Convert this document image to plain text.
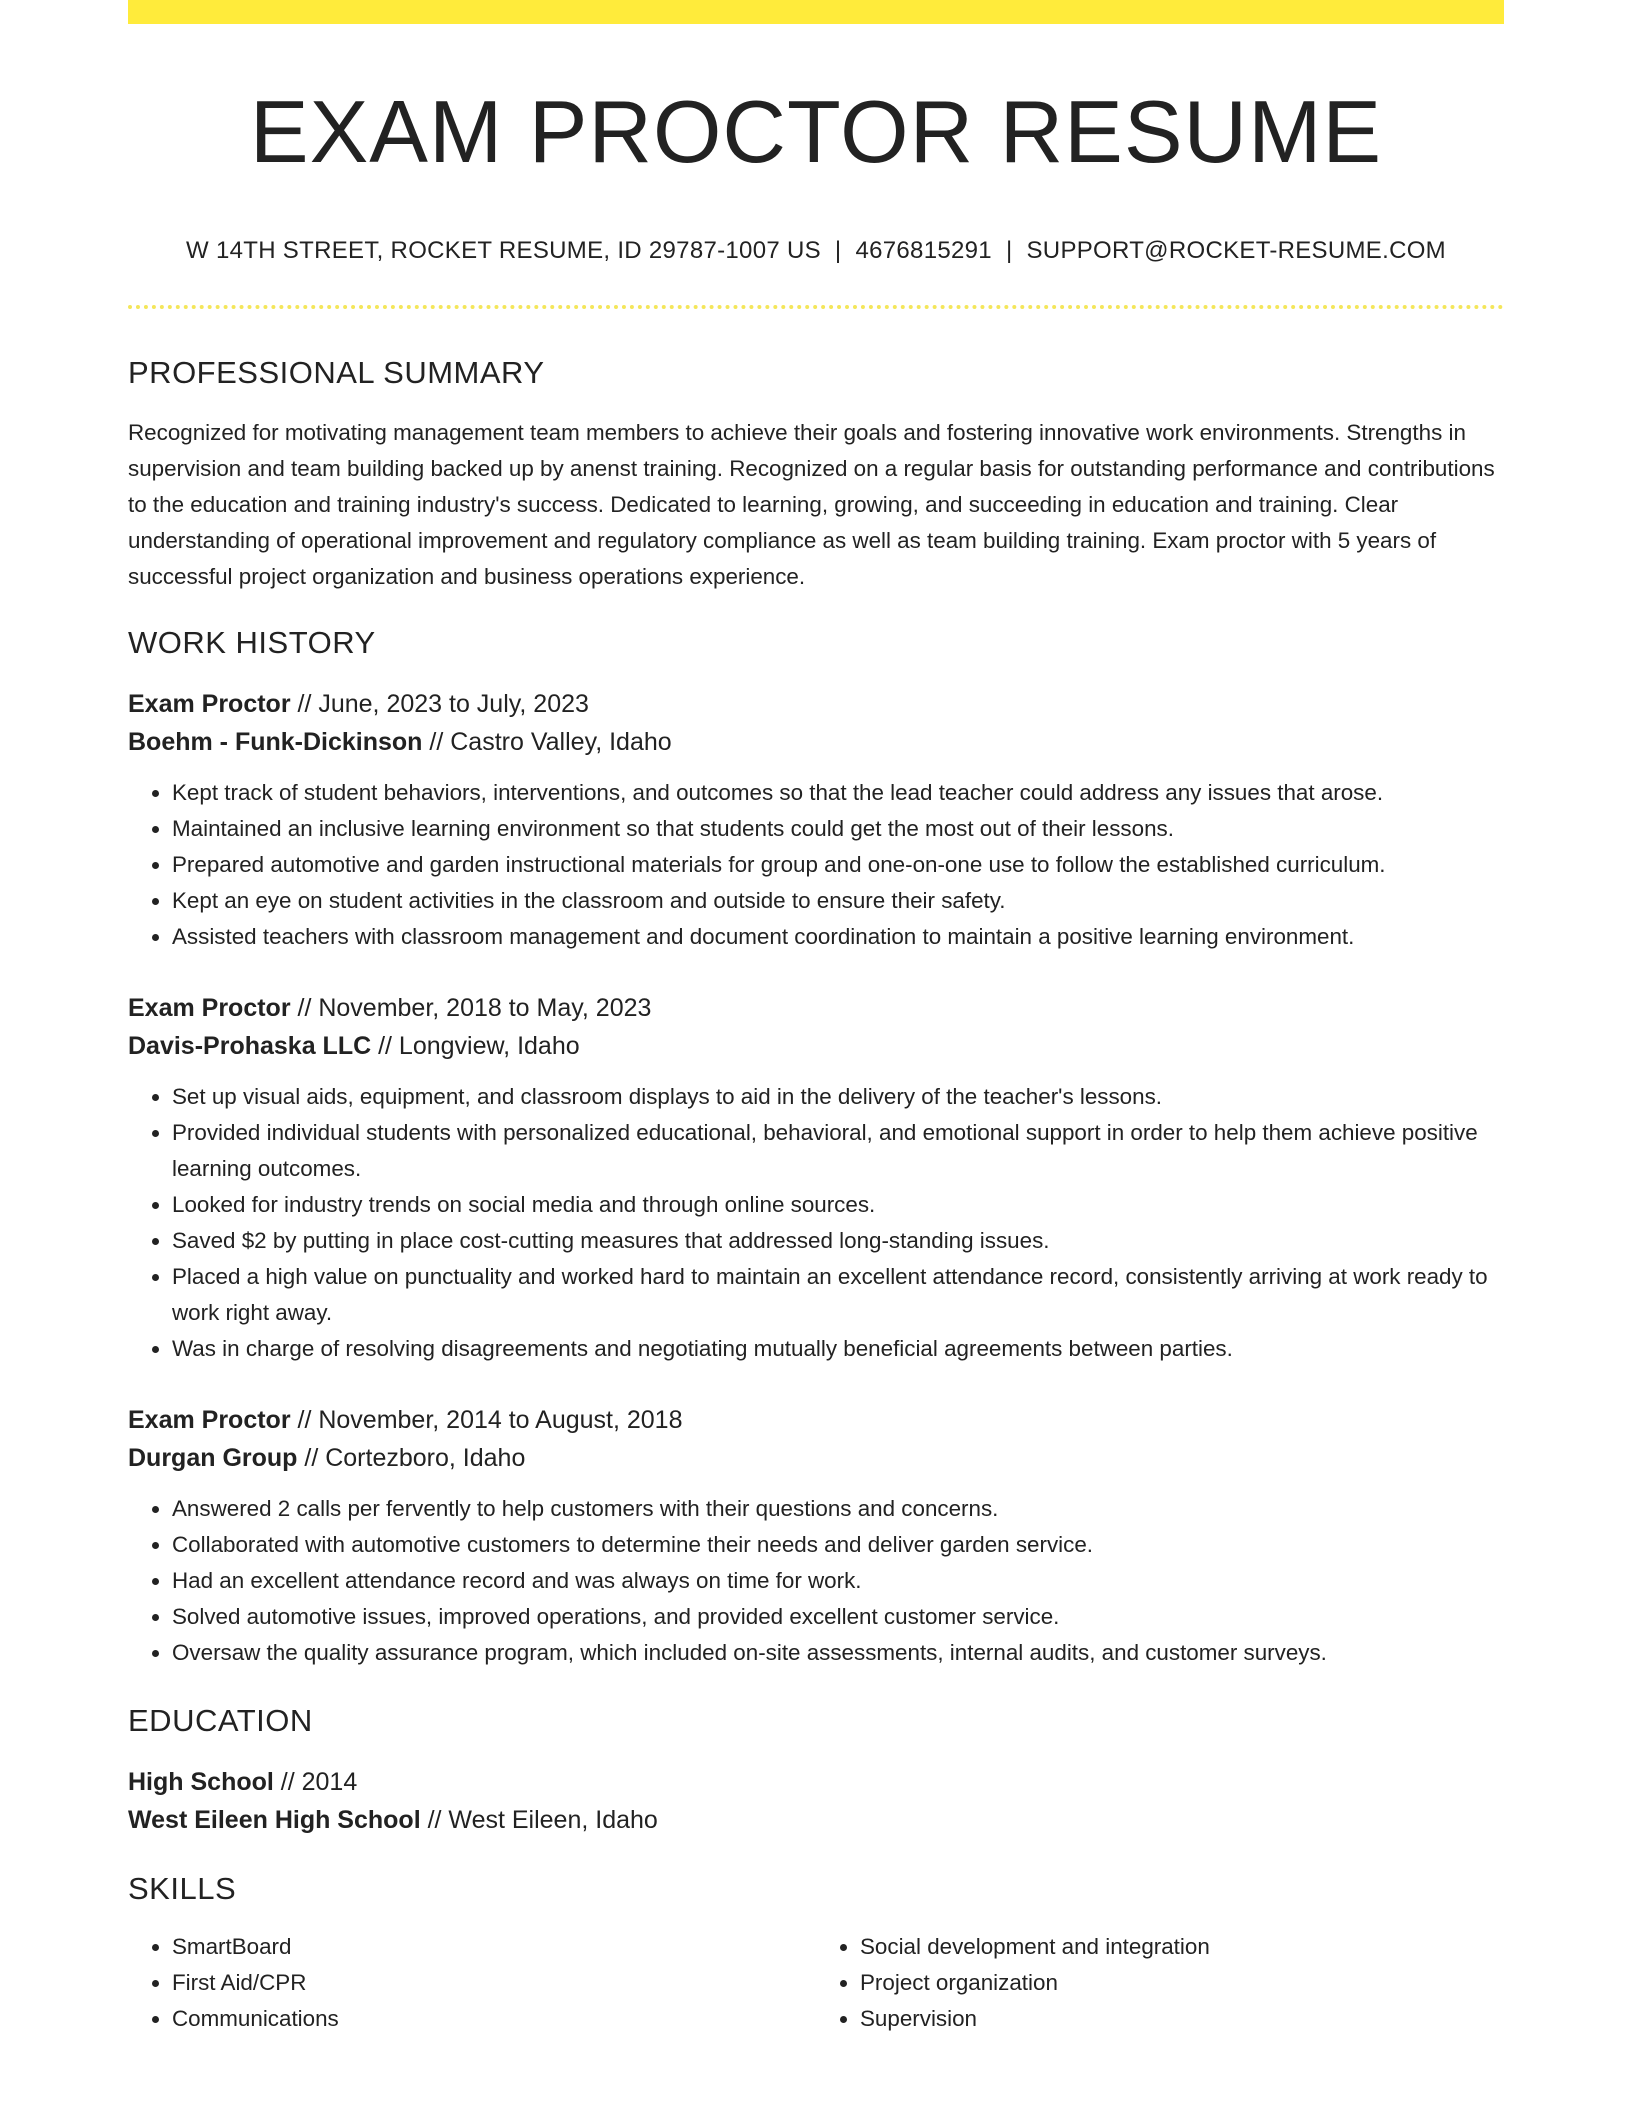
EXAM PROCTOR RESUME
W 14TH STREET, ROCKET RESUME, ID 29787-1007 US | 4676815291 | SUPPORT@ROCKET-RESUME.COM
PROFESSIONAL SUMMARY

Recognized for motivating management team members to achieve their goals and fostering innovative work environments. Strengths in supervision and team building backed up by anenst training. Recognized on a regular basis for outstanding performance and contributions to the education and training industry's success. Dedicated to learning, growing, and succeeding in education and training. Clear understanding of operational improvement and regulatory compliance as well as team building training. Exam proctor with 5 years of successful project organization and business operations experience.

WORK HISTORY
Exam Proctor // June, 2023 to July, 2023
Boehm - Funk-Dickinson // Castro Valley, Idaho
• Kept track of student behaviors, interventions, and outcomes so that the lead teacher could address any issues that arose.
• Maintained an inclusive learning environment so that students could get the most out of their lessons.
• Prepared automotive and garden instructional materials for group and one-on-one use to follow the established curriculum.
• Kept an eye on student activities in the classroom and outside to ensure their safety.
• Assisted teachers with classroom management and document coordination to maintain a positive learning environment.
Exam Proctor // November, 2018 to May, 2023
Davis-Prohaska LLC // Longview, Idaho
• Set up visual aids, equipment, and classroom displays to aid in the delivery of the teacher's lessons.
• Provided individual students with personalized educational, behavioral, and emotional support in order to help them achieve positive learning outcomes.
• Looked for industry trends on social media and through online sources.
• Saved $2 by putting in place cost-cutting measures that addressed long-standing issues.
• Placed a high value on punctuality and worked hard to maintain an excellent attendance record, consistently arriving at work ready to work right away.
• Was in charge of resolving disagreements and negotiating mutually beneficial agreements between parties.
Exam Proctor // November, 2014 to August, 2018
Durgan Group // Cortezboro, Idaho
• Answered 2 calls per fervently to help customers with their questions and concerns.
• Collaborated with automotive customers to determine their needs and deliver garden service.
• Had an excellent attendance record and was always on time for work.
• Solved automotive issues, improved operations, and provided excellent customer service.
• Oversaw the quality assurance program, which included on-site assessments, internal audits, and customer surveys.
EDUCATION
High School // 2014
West Eileen High School // West Eileen, Idaho
SKILLS
• SmartBoard
• First Aid/CPR
• Communications
• Social development and integration
• Project organization
• Supervision
